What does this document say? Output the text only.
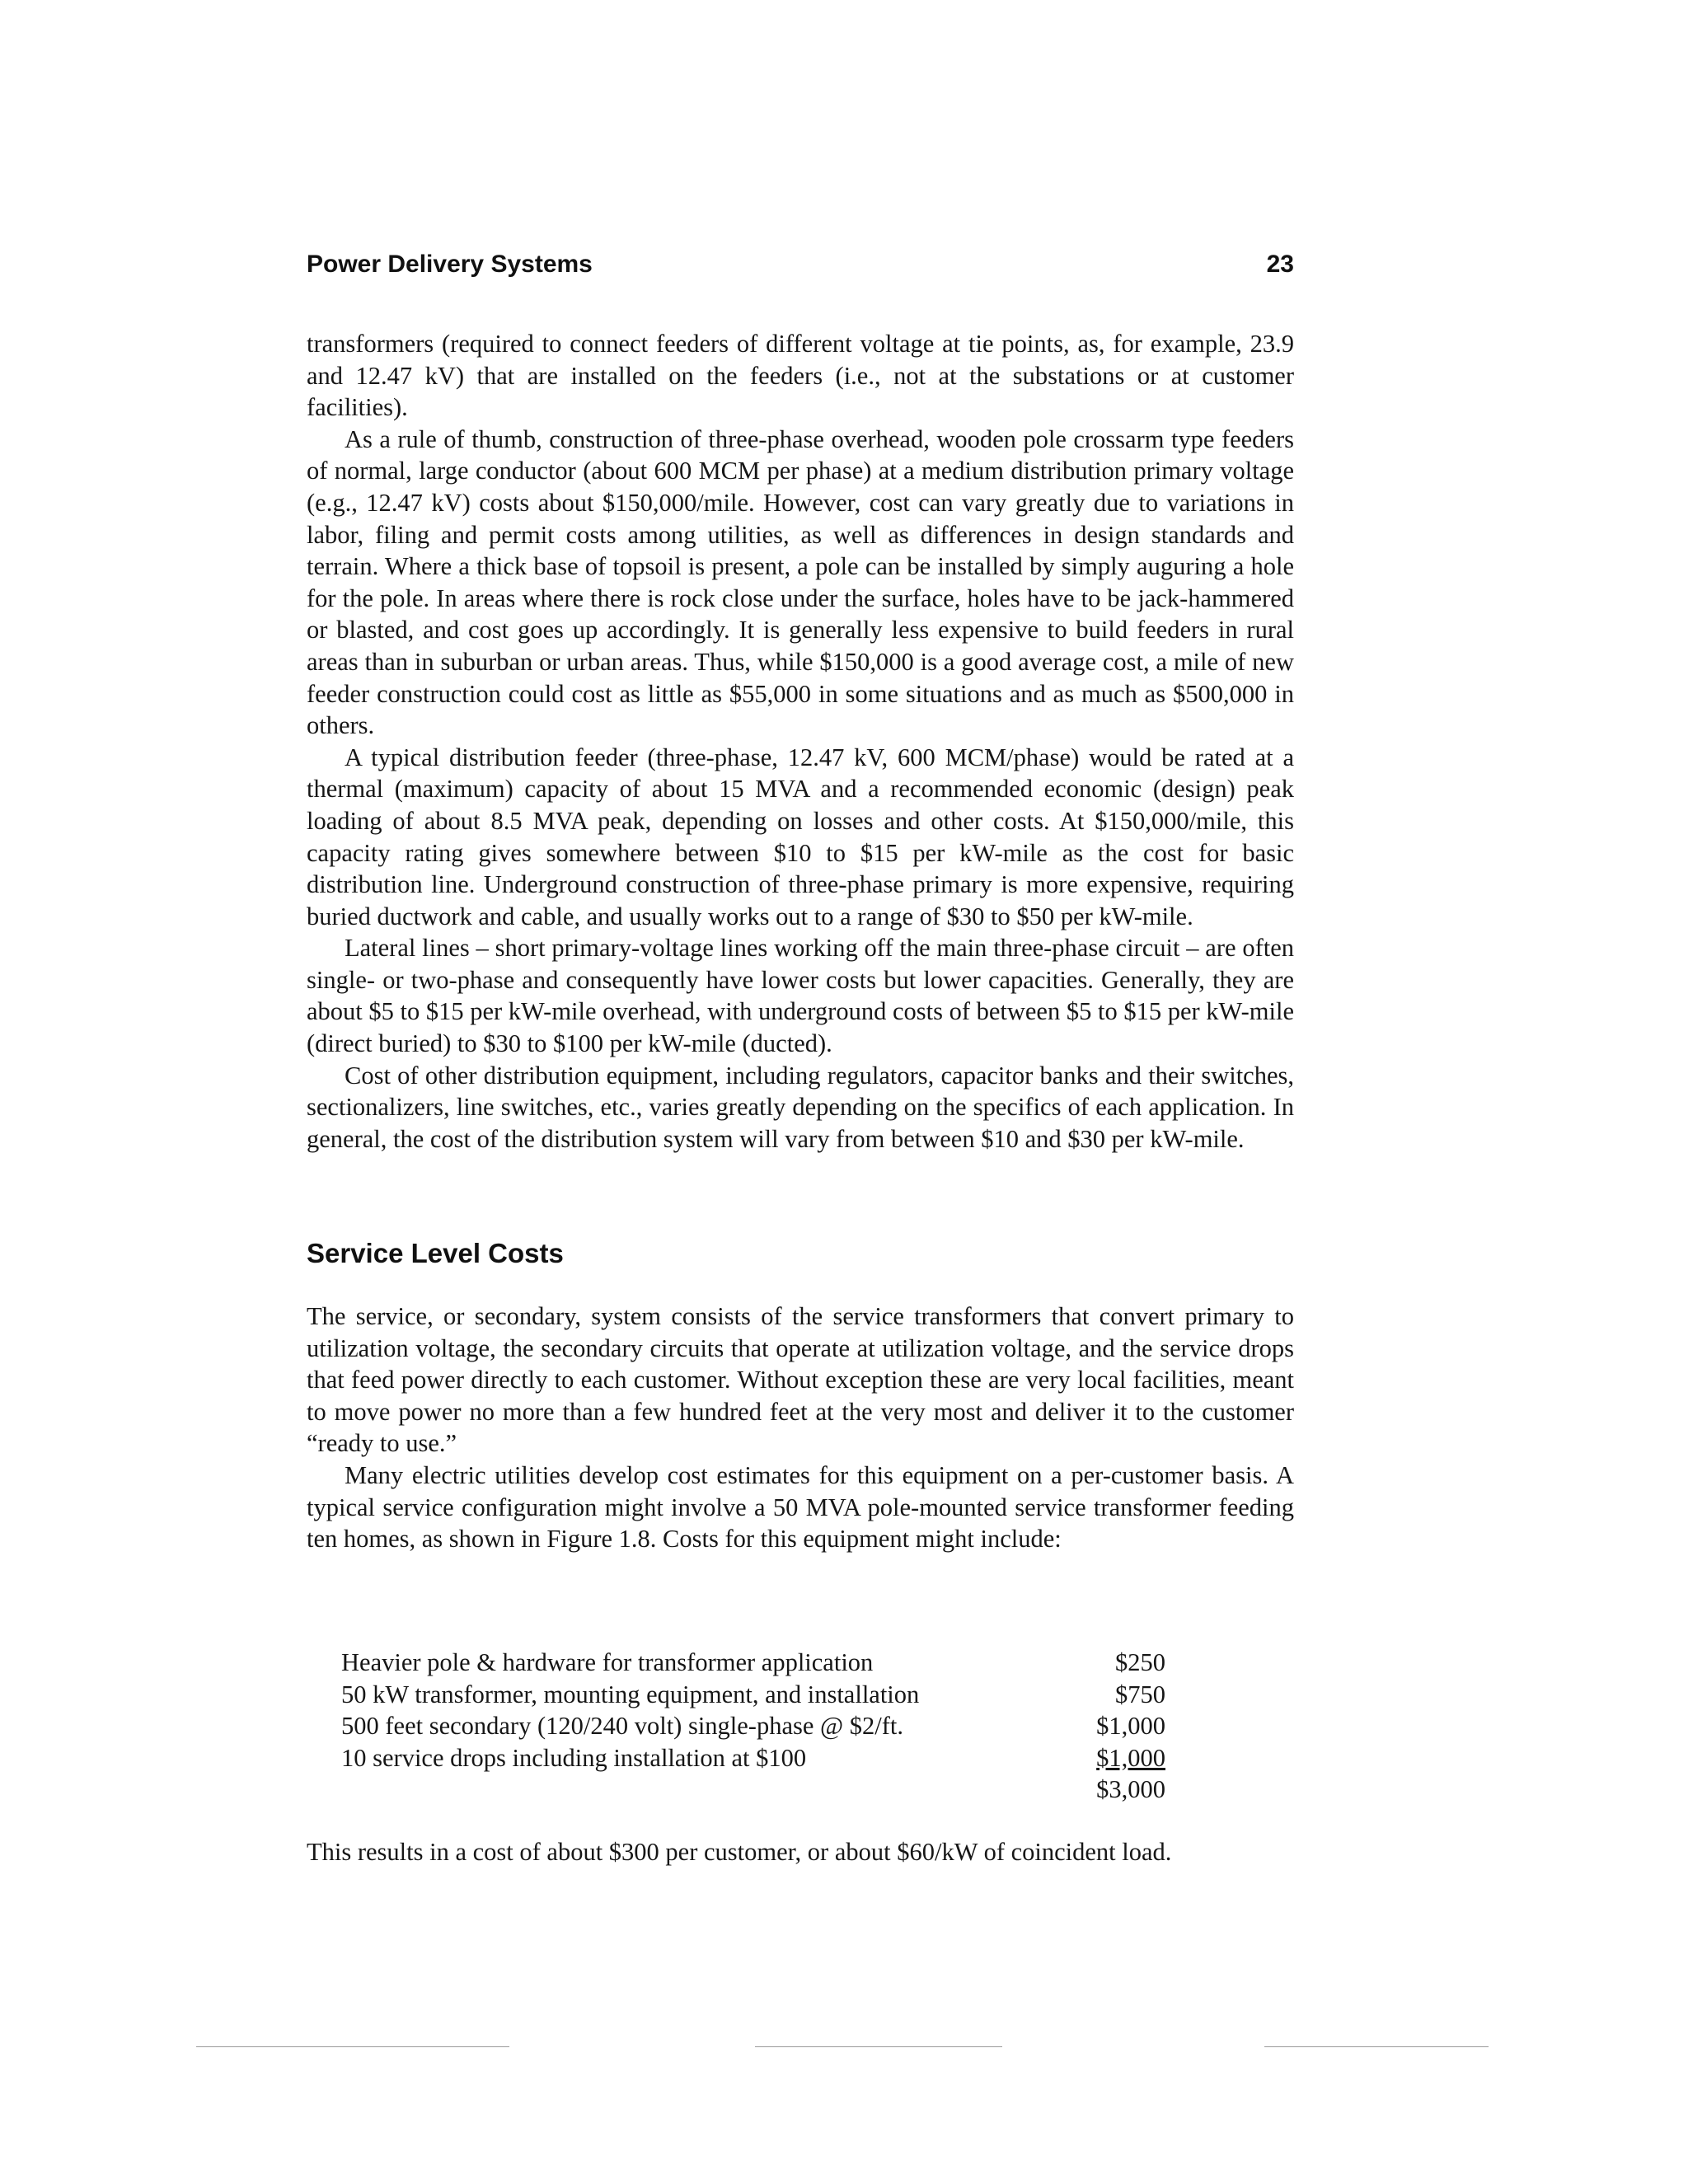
Power Delivery Systems	23

transformers (required to connect feeders of different voltage at tie points, as, for example, 23.9 and 12.47 kV) that are installed on the feeders (i.e., not at the substations or at customer facilities).

As a rule of thumb, construction of three-phase overhead, wooden pole crossarm type feeders of normal, large conductor (about 600 MCM per phase) at a medium distribution primary voltage (e.g., 12.47 kV) costs about $150,000/mile. However, cost can vary greatly due to variations in labor, filing and permit costs among utilities, as well as differences in design standards and terrain. Where a thick base of topsoil is present, a pole can be installed by simply auguring a hole for the pole. In areas where there is rock close under the surface, holes have to be jack-hammered or blasted, and cost goes up accordingly. It is generally less expensive to build feeders in rural areas than in suburban or urban areas. Thus, while $150,000 is a good average cost, a mile of new feeder construction could cost as little as $55,000 in some situations and as much as $500,000 in others.

A typical distribution feeder (three-phase, 12.47 kV, 600 MCM/phase) would be rated at a thermal (maximum) capacity of about 15 MVA and a recommended economic (design) peak loading of about 8.5 MVA peak, depending on losses and other costs. At $150,000/mile, this capacity rating gives somewhere between $10 to $15 per kW-mile as the cost for basic distribution line. Underground construction of three-phase primary is more expensive, requiring buried ductwork and cable, and usually works out to a range of $30 to $50 per kW-mile.

Lateral lines – short primary-voltage lines working off the main three-phase circuit – are often single- or two-phase and consequently have lower costs but lower capacities. Generally, they are about $5 to $15 per kW-mile overhead, with underground costs of between $5 to $15 per kW-mile (direct buried) to $30 to $100 per kW-mile (ducted).

Cost of other distribution equipment, including regulators, capacitor banks and their switches, sectionalizers, line switches, etc., varies greatly depending on the specifics of each application. In general, the cost of the distribution system will vary from between $10 and $30 per kW-mile.

Service Level Costs

The service, or secondary, system consists of the service transformers that convert primary to utilization voltage, the secondary circuits that operate at utilization voltage, and the service drops that feed power directly to each customer. Without exception these are very local facilities, meant to move power no more than a few hundred feet at the very most and deliver it to the customer “ready to use.”

Many electric utilities develop cost estimates for this equipment on a per-customer basis. A typical service configuration might involve a 50 MVA pole-mounted service transformer feeding ten homes, as shown in Figure 1.8. Costs for this equipment might include:

Heavier pole & hardware for transformer application	$250
50 kW transformer, mounting equipment, and installation	$750
500 feet secondary (120/240 volt) single-phase @ $2/ft.	$1,000
10 service drops including installation at $100	$1,000
	$3,000
This results in a cost of about $300 per customer, or about $60/kW of coincident load.
